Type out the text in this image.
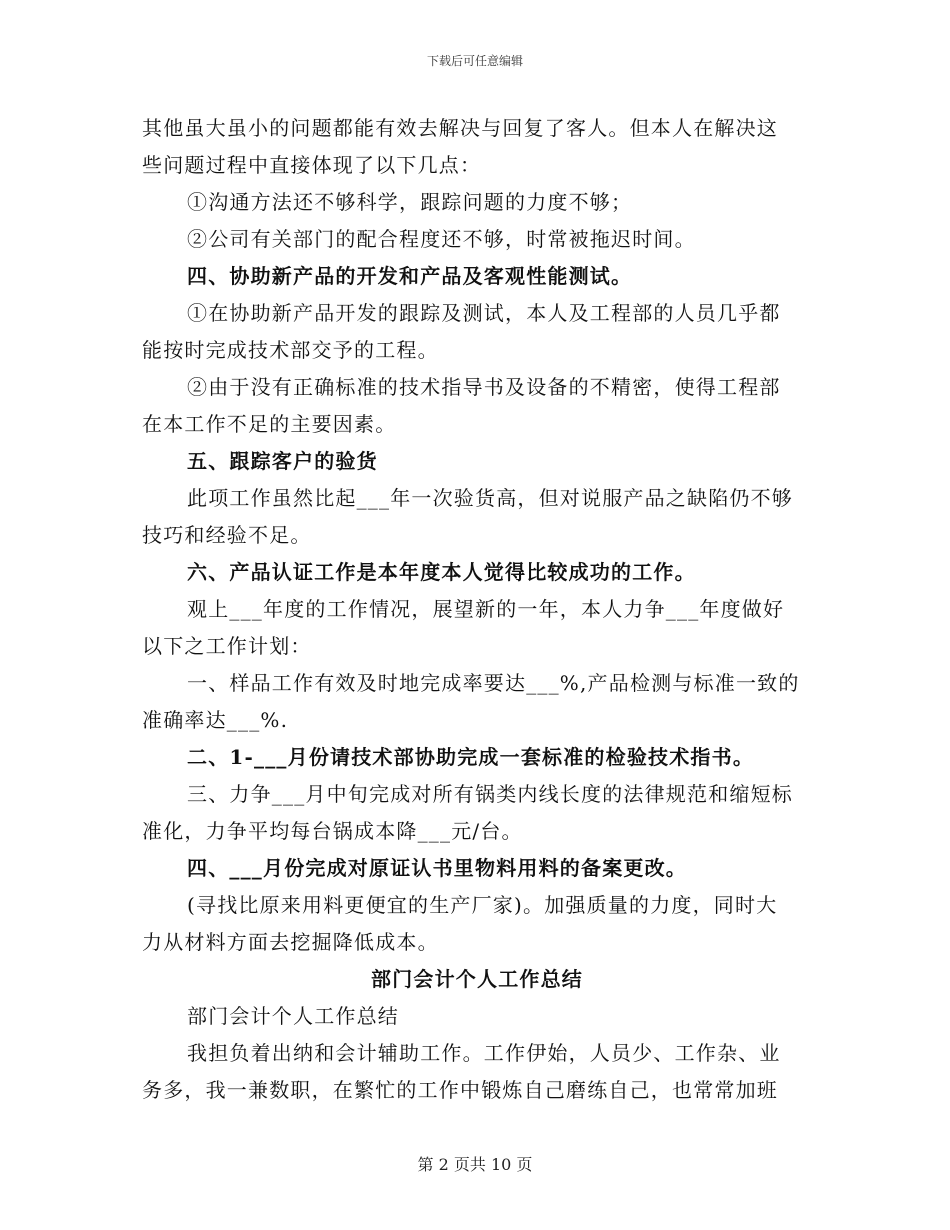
下载后可任意编辑
其他虽大虽小的问题都能有效去解决与回复了客人。但本人在解决这
些问题过程中直接体现了以下几点：
①沟通方法还不够科学，跟踪问题的力度不够；
②公司有关部门的配合程度还不够，时常被拖迟时间。
四、协助新产品的开发和产品及客观性能测试。
①在协助新产品开发的跟踪及测试，本人及工程部的人员几乎都
能按时完成技术部交予的工程。
②由于没有正确标准的技术指导书及设备的不精密，使得工程部
在本工作不足的主要因素。
五、跟踪客户的验货
此项工作虽然比起___年一次验货高，但对说服产品之缺陷仍不够
技巧和经验不足。
六、产品认证工作是本年度本人觉得比较成功的工作。
观上___年度的工作情况，展望新的一年，本人力争___年度做好
以下之工作计划：
一、样品工作有效及时地完成率要达___%,产品检测与标准一致的
准确率达___%.
二、1-___月份请技术部协助完成一套标准的检验技术指书。
三、力争___月中旬完成对所有锅类内线长度的法律规范和缩短标
准化，力争平均每台锅成本降___元/台。
四、___月份完成对原证认书里物料用料的备案更改。
(寻找比原来用料更便宜的生产厂家)。加强质量的力度，同时大
力从材料方面去挖掘降低成本。
部门会计个人工作总结
部门会计个人工作总结
我担负着出纳和会计辅助工作。工作伊始，人员少、工作杂、业
务多，我一兼数职，在繁忙的工作中锻炼自己磨练自己，也常常加班
第 2 页共 10 页
